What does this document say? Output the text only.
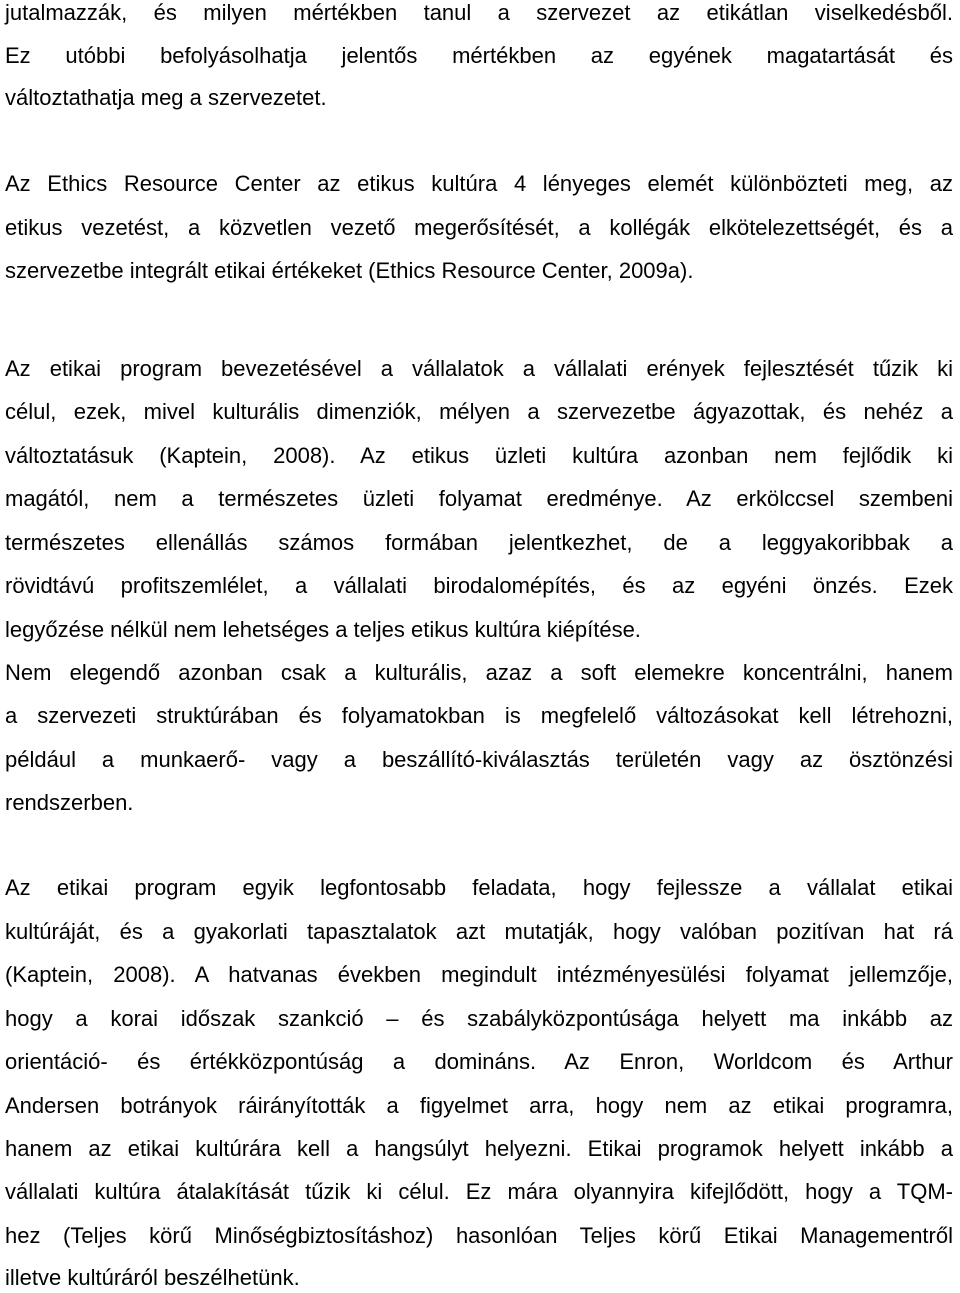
jutalmazzák, és milyen mértékben tanul a szervezet az etikátlan viselkedésből.
Ez utóbbi befolyásolhatja jelentős mértékben az egyének magatartását és
változtathatja meg a szervezetet.
Az Ethics Resource Center az etikus kultúra 4 lényeges elemét különbözteti meg, az
etikus vezetést, a közvetlen vezető megerősítését, a kollégák elkötelezettségét, és a
szervezetbe integrált etikai értékeket (Ethics Resource Center, 2009a).
Az etikai program bevezetésével a vállalatok a vállalati erények fejlesztését tűzik ki
célul, ezek, mivel kulturális dimenziók, mélyen a szervezetbe ágyazottak, és nehéz a
változtatásuk (Kaptein, 2008). Az etikus üzleti kultúra azonban nem fejlődik ki
magától, nem a természetes üzleti folyamat eredménye. Az erkölccsel szembeni
természetes ellenállás számos formában jelentkezhet, de a leggyakoribbak a
rövidtávú profitszemlélet, a vállalati birodalomépítés, és az egyéni önzés. Ezek
legyőzése nélkül nem lehetséges a teljes etikus kultúra kiépítése.
Nem elegendő azonban csak a kulturális, azaz a soft elemekre koncentrálni, hanem
a szervezeti struktúrában és folyamatokban is megfelelő változásokat kell létrehozni,
például a munkaerő- vagy a beszállító-kiválasztás területén vagy az ösztönzési
rendszerben.
Az etikai program egyik legfontosabb feladata, hogy fejlessze a vállalat etikai
kultúráját, és a gyakorlati tapasztalatok azt mutatják, hogy valóban pozitívan hat rá
(Kaptein, 2008). A hatvanas években megindult intézményesülési folyamat jellemzője,
hogy a korai időszak szankció – és szabályközpontúsága helyett ma inkább az
orientáció- és értékközpontúság a domináns. Az Enron, Worldcom és Arthur
Andersen botrányok ráirányították a figyelmet arra, hogy nem az etikai programra,
hanem az etikai kultúrára kell a hangsúlyt helyezni. Etikai programok helyett inkább a
vállalati kultúra átalakítását tűzik ki célul. Ez mára olyannyira kifejlődött, hogy a TQM-
hez (Teljes körű Minőségbiztosításhoz) hasonlóan Teljes körű Etikai Managementről
illetve kultúráról beszélhetünk.
